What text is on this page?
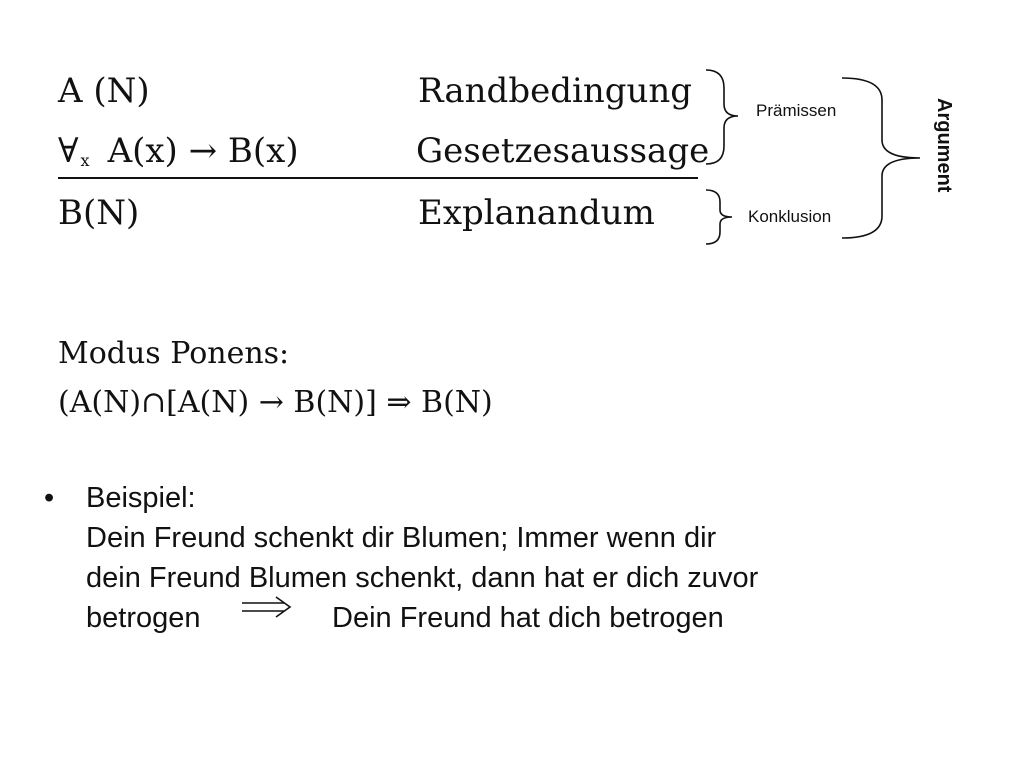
A (N)	Randbedingung
∀ x A(x) → B(x)	Gesetzesaussage
B(N)	Explanandum
Prämissen
Konklusion
Argument
Modus Ponens:
(A(N)∩[A(N) → B(N)] ⇒ B(N)
• Beispiel:
Dein Freund schenkt dir Blumen; Immer wenn dir
dein Freund Blumen schenkt, dann hat er dich zuvor
betrogen	Dein Freund hat dich betrogen
